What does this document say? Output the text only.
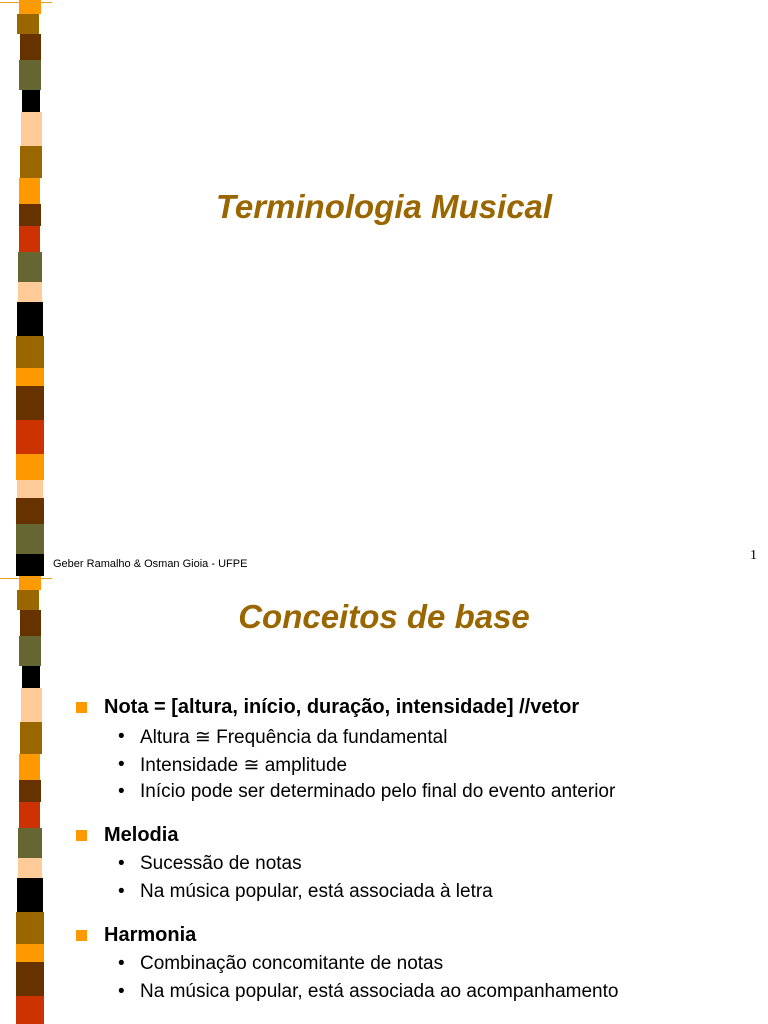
Terminologia Musical
Geber Ramalho & Osman Gioia - UFPE
1
Conceitos de base
Nota = [altura, início, duração, intensidade] //vetor
• Altura ≅ Frequência da fundamental
• Intensidade ≅ amplitude
• Início pode ser determinado pelo final do evento anterior
Melodia
• Sucessão de notas
• Na música popular, está associada à letra
Harmonia
• Combinação concomitante de notas
• Na música popular, está associada ao acompanhamento
